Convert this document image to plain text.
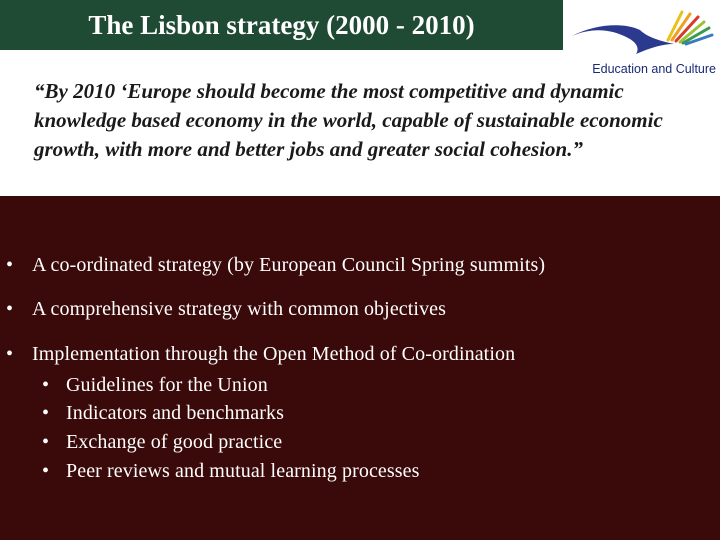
The Lisbon strategy (2000 - 2010)
Education and Culture

“By 2010 ‘Europe should become the most competitive and dynamic knowledge based economy in the world, capable of sustainable economic growth, with more and better jobs and greater social cohesion.”

• A co-ordinated strategy (by European Council Spring summits)
• A comprehensive strategy with common objectives
• Implementation through the Open Method of Co-ordination
• Guidelines for the Union
• Indicators and benchmarks
• Exchange of good practice
• Peer reviews and mutual learning processes
